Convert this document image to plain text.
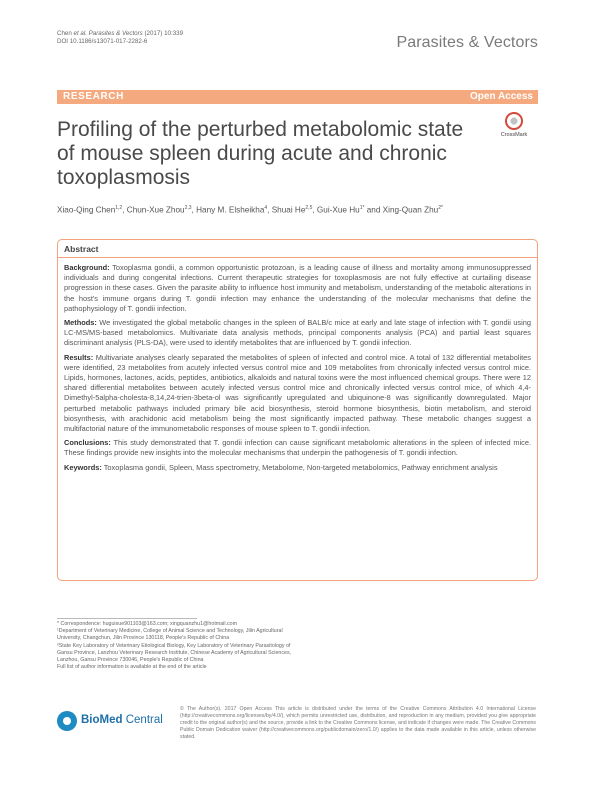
Chen et al. Parasites & Vectors (2017) 10:339
DOI 10.1186/s13071-017-2282-6	Parasites & Vectors
RESEARCH	Open Access
Profiling of the perturbed metabolomic state of mouse spleen during acute and chronic toxoplasmosis
CrossMark
Xiao-Qing Chen$^{1,2}$, Chun-Xue Zhou$^{2,3}$, Hany M. Elsheikha$^4$, Shuai He$^{2,5}$, Gui-Xue $Hu^{1*}$ and Xing-Quan Zhu$^{2*}$
Abstract

Background: Toxoplasma gondii, a common opportunistic protozoan, is a leading cause of illness and mortality among immunosuppressed individuals and during congenital infections. Current therapeutic strategies for toxoplasmosis are not fully effective at curtailing disease progression in these cases. Given the parasite ability to influence host immunity and metabolism, understanding of the metabolic alterations in the host's immune organs during T. gondii infection may enhance the understanding of the molecular mechanisms that define the pathophysiology of T. gondii infection.

Methods: We investigated the global metabolic changes in the spleen of BALB/c mice at early and late stage of infection with T. gondii using LC-MS/MS-based metabolomics. Multivariate data analysis methods, principal components analysis (PCA) and partial least squares discriminant analysis (PLS-DA), were used to identify metabolites that are influenced by T. gondii infection.

Results: Multivariate analyses clearly separated the metabolites of spleen of infected and control mice. A total of 132 differential metabolites were identified, 23 metabolites from acutely infected versus control mice and 109 metabolites from chronically infected versus control mice. Lipids, hormones, lactones, acids, peptides, antibiotics, alkaloids and natural toxins were the most influenced chemical groups. There were 12 shared differential metabolites between acutely infected versus control mice and chronically infected versus control mice, of which 4,4-Dimethyl-5alpha-cholesta-8,14,24-trien-3beta-ol was significantly upregulated and ubiquinone-8 was significantly downregulated. Major perturbed metabolic pathways included primary bile acid biosynthesis, steroid hormone biosynthesis, biotin metabolism, and steroid biosynthesis, with arachidonic acid metabolism being the most significantly impacted pathway. These metabolic changes suggest a multifactorial nature of the immunometabolic responses of mouse spleen to T. gondii infection.

Conclusions: This study demonstrated that T. gondii infection can cause significant metabolomic alterations in the spleen of infected mice. These findings provide new insights into the molecular mechanisms that underpin the pathogenesis of T. gondii infection.

Keywords: Toxoplasma gondii, Spleen, Mass spectrometry, Metabolome, Non-targeted metabolomics, Pathway enrichment analysis

* Correspondence: huguixue901103@163.com; xingquanzhu1@hotmail.com
¹Department of Veterinary Medicine, College of Animal Science and Technology, Jilin Agricultural University, Changchun, Jilin Province 130118, People's Republic of China
²State Key Laboratory of Veterinary Etiological Biology, Key Laboratory of Veterinary Parasitology of Gansu Province, Lanzhou Veterinary Research Institute, Chinese Academy of Agricultural Sciences, Lanzhou, Gansu Province 730046, People's Republic of China
Full list of author information is available at the end of the article
BioMed Central
© The Author(s). 2017 Open Access This article is distributed under the terms of the Creative Commons Attribution 4.0 International License (http://creativecommons.org/licenses/by/4.0/), which permits unrestricted use, distribution, and reproduction in any medium, provided you give appropriate credit to the original author(s) and the source, provide a link to the Creative Commons license, and indicate if changes were made. The Creative Commons Public Domain Dedication waiver (http://creativecommons.org/publicdomain/zero/1.0/) applies to the data made available in this article, unless otherwise stated.
